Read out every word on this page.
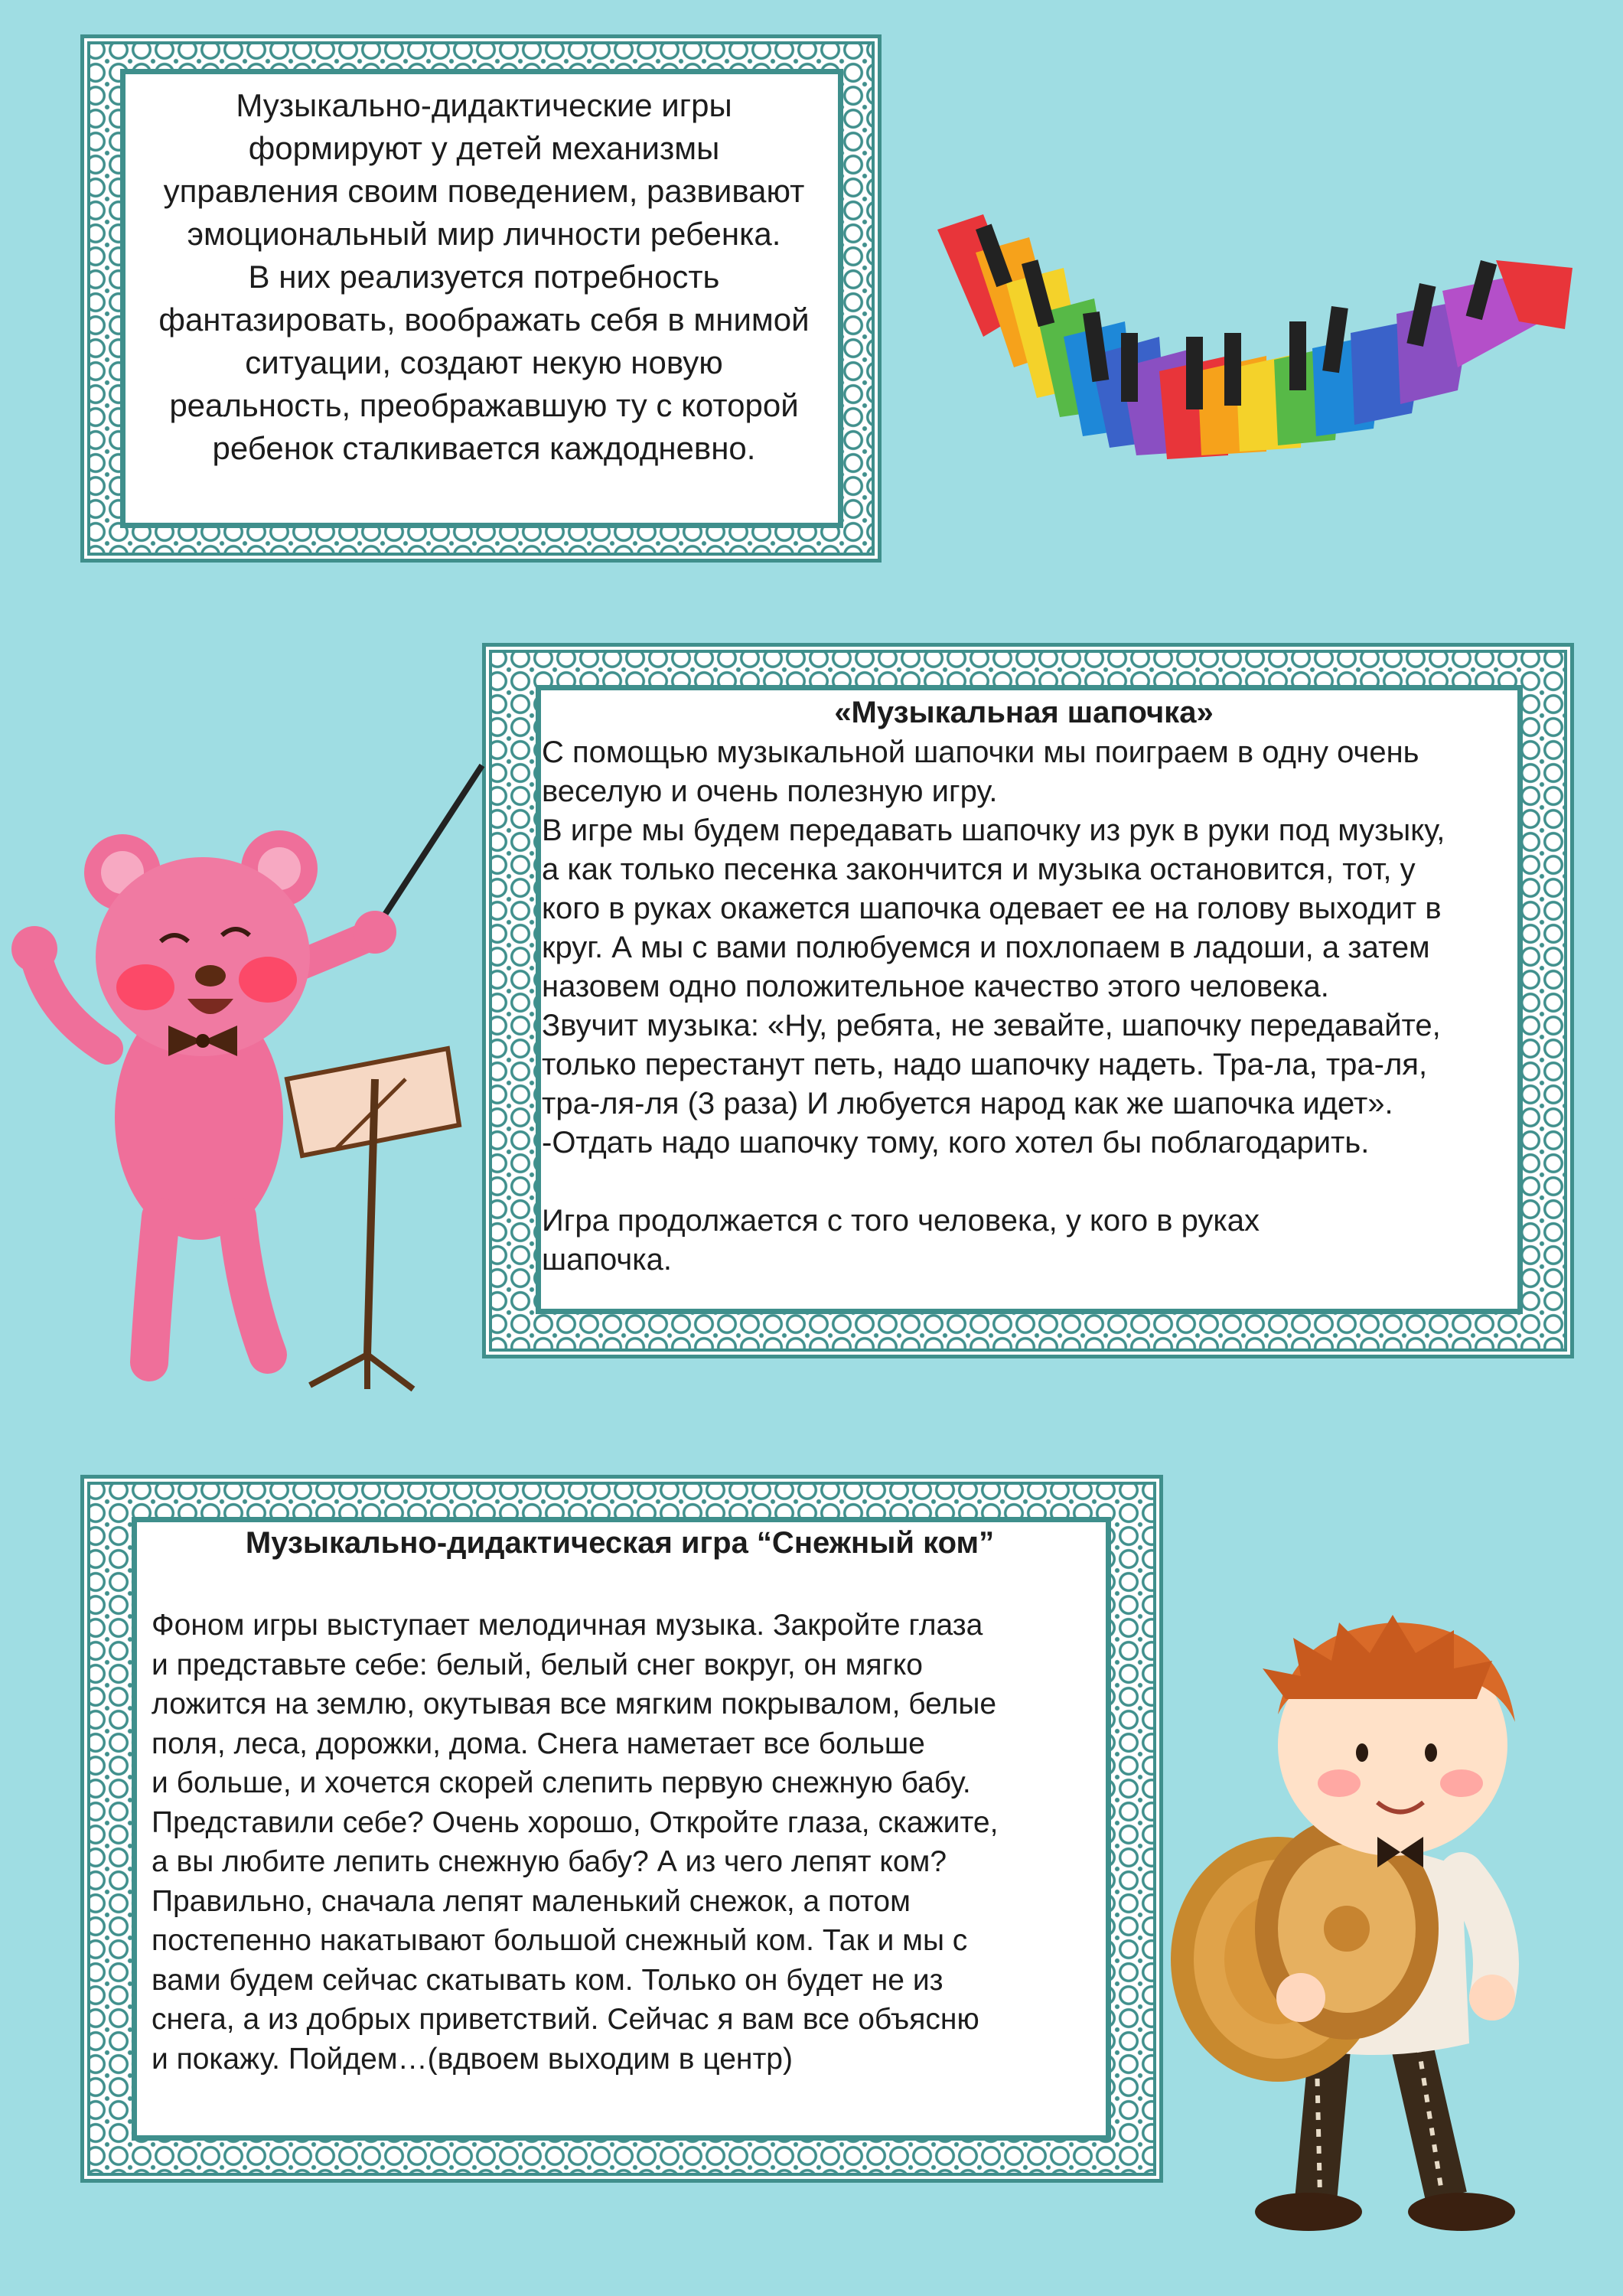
Музыкально-дидактические игры
формируют у детей механизмы
управления своим поведением, развивают
эмоциональный мир личности ребенка.
В них реализуется потребность
фантазировать, воображать себя в мнимой
ситуации, создают некую новую
реальность, преображавшую ту с которой
ребенок сталкивается каждодневно.
«Музыкальная шапочка»
С помощью музыкальной шапочки мы поиграем в одну очень
веселую и очень полезную игру.
В игре мы будем передавать шапочку из рук в руки под музыку,
а как только песенка закончится и музыка остановится, тот, у
кого в руках окажется шапочка одевает ее на голову выходит в
круг. А мы с вами полюбуемся и похлопаем в ладоши, а затем
назовем одно положительное качество этого человека.
Звучит музыка: «Ну, ребята, не зевайте, шапочку передавайте,
только перестанут петь, надо шапочку надеть. Тра-ла, тра-ля,
тра-ля-ля (3 раза) И любуется народ как же шапочка идет».
-Отдать надо шапочку тому, кого хотел бы поблагодарить.

Игра продолжается с того человека, у кого в руках
шапочка.
Музыкально-дидактическая игра “Снежный ком”
Фоном игры выступает мелодичная музыка. Закройте глаза
и представьте себе: белый, белый снег вокруг, он мягко
ложится на землю, окутывая все мягким покрывалом, белые
поля, леса, дорожки, дома. Снега наметает все больше
и больше, и хочется скорей слепить первую снежную бабу.
Представили себе? Очень хорошо, Откройте глаза, скажите,
а вы любите лепить снежную бабу? А из чего лепят ком?
Правильно, сначала лепят маленький снежок, а потом
постепенно накатывают большой снежный ком. Так и мы с
вами будем сейчас скатывать ком. Только он будет не из
снега, а из добрых приветствий. Сейчас я вам все объясню
и покажу. Пойдем…(вдвоем выходим в центр)
